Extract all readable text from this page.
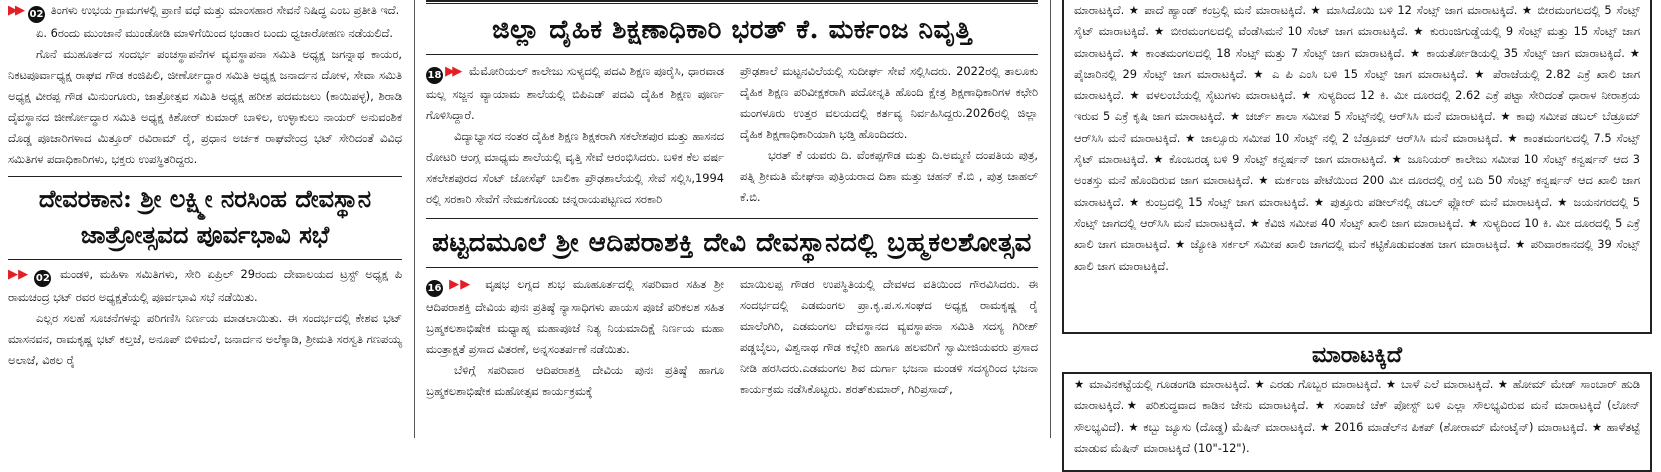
▶▶ 02 ತಿಂಗಳು ಉಭಯ ಗ್ರಾಮಗಳಲ್ಲಿ ಪ್ರಾಣಿ ವಧೆ ಮತ್ತು ಮಾಂಸಹಾರ ಸೇವನೆ ನಿಷಿದ್ಧ ಎಂಬ ಪ್ರತೀತಿ ಇದೆ.

ಏ. 6ರಂದು ಮುಂಜಾನೆ ಮುಂಡೋಡಿ ಮಾಳಿಗೆಯಿಂದ ಭಂಡಾರ ಬಂದು ಧ್ವಜಾರೋಹಣ ನಡೆಯಲಿದೆ.

ಗೊನೆ ಮುಹೂರ್ತದ ಸಂದರ್ಭ ಪಂಚಸ್ಥಾಪನೆಗಳ ವ್ಯವಸ್ಥಾಪನಾ ಸಮಿತಿ ಅಧ್ಯಕ್ಷ ಜಗನ್ನಾಥ ಕಾಯರ, ನಿಕಟಪೂರ್ವಾಧ್ಯಕ್ಷ ರಾಘವ ಗೌಡ ಕಂಜಿಪಿಲಿ, ಜೀರ್ಣೋದ್ಧಾರ ಸಮಿತಿ ಅಧ್ಯಕ್ಷ ಜನಾರ್ದನ ದೋಳ, ಸೇವಾ ಸಮಿತಿ ಅಧ್ಯಕ್ಷ ವೀರಪ್ಪ ಗೌಡ ಮಿನುಂಗೂರು, ಜಾತ್ರೋತ್ಸವ ಸಮಿತಿ ಅಧ್ಯಕ್ಷ ಹರೀಶ ಪದಮಜಲು (ಕಾಯಿಪಳ್ಳ), ಶಿರಾಡಿ ದೈವಸ್ಥಾನದ ಜೀರ್ಣೋದ್ಧಾರ ಸಮಿತಿ ಅಧ್ಯಕ್ಷ ಕಿಶೋರ್ ಕುಮಾರ್ ಬಾಳಿಲ, ಉಳ್ಳಾಕುಲು ನಾಯರ್ ಅನುವಂಶಿಕ ದೊಡ್ಡ ಪೂಜಾರಿಗಳಾದ ಮಿತ್ತೂರ್ ರವಿರಾಮ್ ರೈ, ಪ್ರಧಾನ ಅರ್ಚಕ ರಾಘವೇಂದ್ರ ಭಟ್ ಸೇರಿದಂತೆ ವಿವಿಧ ಸಮಿತಿಗಳ ಪದಾಧಿಕಾರಿಗಳು, ಭಕ್ತರು ಉಪಸ್ಥಿತರಿದ್ದರು.

ದೇವರಕಾನ: ಶ್ರೀ ಲಕ್ಷ್ಮೀ ನರಸಿಂಹ ದೇವಸ್ಥಾನ ಜಾತ್ರೋತ್ಸವದ ಪೂರ್ವಭಾವಿ ಸಭೆ

▶▶ 02 ಮಂಡಳಿ, ಮಹಿಳಾ ಸಮಿತಿಗಳು, ಸೇರಿ ಏಪ್ರಿಲ್ 29ರಂದು ದೇವಾಲಯದ ಟ್ರಸ್ಟ್ ಅಧ್ಯಕ್ಷ ಪಿ ರಾಮಚಂದ್ರ ಭಟ್ ರವರ ಅಧ್ಯಕ್ಷತೆಯಲ್ಲಿ ಪೂರ್ವಭಾವಿ ಸಭೆ ನಡೆಯಿತು.

ಎಲ್ಲರ ಸಲಹೆ ಸೂಚನೆಗಳನ್ನು ಪರಿಗಣಿಸಿ ನಿರ್ಣಯ ಮಾಡಲಾಯಿತು. ಈ ಸಂದರ್ಭದಲ್ಲಿ ಕೇಶವ ಭಟ್ ಮಾಸನವನ, ರಾಮಕೃಷ್ಣ ಭಟ್ ಕಲ್ತಜೆ, ಅನೂಪ್ ಬಿಳಿಮಲೆ, ಜನಾರ್ದನ ಅಲೆಕ್ಕಾಡಿ, ಶ್ರೀಮತಿ ಸರಸ್ವತಿ ಗಣಪಯ್ಯ ಅಲಾಜೆ, ವಿಠಲ ರೈ

ಜಿಲ್ಲಾ ದೈಹಿಕ ಶಿಕ್ಷಣಾಧಿಕಾರಿ ಭರತ್ ಕೆ. ಮರ್ಕಂಜ ನಿವೃತ್ತಿ

18 ▶▶ ಮೆಮೋರಿಯಲ್ ಕಾಲೇಜು ಸುಳ್ಯದಲ್ಲಿ ಪದವಿ ಶಿಕ್ಷಣ ಪೂರೈಸಿ, ಧಾರವಾಡ ಮಲ್ಲ ಸಜ್ಜನ ವ್ಯಾಯಾಮ ಶಾಲೆಯಲ್ಲಿ ಬಿಪಿಎಡ್ ಪದವಿ ದೈಹಿಕ ಶಿಕ್ಷಣ ಪೂರ್ಣ ಗೊಳಿಸಿದ್ದಾರೆ.

ವಿದ್ಯಾಭ್ಯಾಸದ ನಂತರ ದೈಹಿಕ ಶಿಕ್ಷಣ ಶಿಕ್ಷಕರಾಗಿ ಸಕಲೇಶಪುರ ಮತ್ತು ಹಾಸನದ ರೋಟರಿ ಆಂಗ್ಲ ಮಾಧ್ಯಮ ಶಾಲೆಯಲ್ಲಿ ವೃತ್ತಿ ಸೇವೆ ಆರಂಭಿಸಿದರು. ಬಳಿಕ ಕೆಲ ವರ್ಷ ಸಕಲೇಶಪುರದ ಸೆಂಟ್ ಜೋಸೆಫ್ ಬಾಲಿಕಾ ಪ್ರೌಢಶಾಲೆಯಲ್ಲಿ ಸೇವೆ ಸಲ್ಲಿಸಿ,1994 ರಲ್ಲಿ ಸರಕಾರಿ ಸೇವೆಗೆ ನೇಮಕಗೊಂಡು ಚನ್ನರಾಯಪಟ್ಟಣದ ಸರಕಾರಿ

ಪ್ರೌಢಶಾಲೆ ಮಟ್ಟನವಿಲೆಯಲ್ಲಿ ಸುದೀರ್ಘ ಸೇವೆ ಸಲ್ಲಿಸಿದರು. 2022ರಲ್ಲಿ ತಾಲೂಕು ದೈಹಿಕ ಶಿಕ್ಷಣ ಪರಿವೀಕ್ಷಕರಾಗಿ ಪದೋನ್ನತಿ ಹೊಂದಿ ಕ್ಷೇತ್ರ ಶಿಕ್ಷಣಾಧಿಕಾರಿಗಳ ಕಛೇರಿ ಮಂಗಳೂರು ಉತ್ತರ ವಲಯದಲ್ಲಿ ಕರ್ತವ್ಯ ನಿರ್ವಹಿಸಿದ್ದರು.2026ರಲ್ಲಿ ಜಿಲ್ಲಾ ದೈಹಿಕ ಶಿಕ್ಷಣಾಧಿಕಾರಿಯಾಗಿ ಭಡ್ತಿ ಹೊಂದಿದರು.

ಭರತ್ ಕೆ ಯವರು ದಿ. ವೆಂಕಪ್ಪಗೌಡ ಮತ್ತು ದಿ.ಅಮ್ಮಣಿ ದಂಪತಿಯ ಪುತ್ರ, ಪತ್ನಿ ಶ್ರೀಮತಿ ಮೇಘನಾ ಪುತ್ರಿಯರಾದ ದಿಶಾ ಮತ್ತು ಚಹನ್ ಕೆ.ಬಿ , ಪುತ್ರ ಚಾಹಲ್ ಕೆ.ಬಿ.

ಪಟ್ಟದಮೂಲೆ ಶ್ರೀ ಆದಿಪರಾಶಕ್ತಿ ದೇವಿ ದೇವಸ್ಥಾನದಲ್ಲಿ ಬ್ರಹ್ಮಕಲಶೋತ್ಸವ

16 ▶▶ ವೃಷಭ ಲಗ್ನದ ಶುಭ ಮೂಹೂರ್ತದಲ್ಲಿ ಸಪರಿವಾರ ಸಹಿತ ಶ್ರೀ ಆದಿಪರಾಶಕ್ತಿ ದೇವಿಯ ಪುನಃ ಪ್ರತಿಷ್ಠೆ ನ್ಯಾಸಾಧಿಗಳು ಪಾಯಸ ಪೂಜೆ ಪರಿಕಲಶ ಸಹಿತ ಬ್ರಹ್ಮಕಲಶಾಭಿಷೇಕ ಮಧ್ಯಾಹ್ನ ಮಹಾಪೂಜೆ ನಿತ್ಯ ನಿಯಮಾದಿಕ್ಷೆ ನಿರ್ಣಯ ಮಹಾ ಮಂತ್ರಾಕ್ಷತೆ ಪ್ರಸಾದ ವಿತರಣೆ, ಅನ್ನಸಂತರ್ಪಣೆ ನಡೆಯಿತು.

ಬೆಳಿಗ್ಗೆ ಸಪರಿವಾರ ಆದಿಪರಾಶಕ್ತಿ ದೇವಿಯ ಪುನಃ ಪ್ರತಿಷ್ಠೆ ಹಾಗೂ ಬ್ರಹ್ಮಕಲಶಾಭಿಷೇಕ ಮಹೋತ್ಸವ ಕಾರ್ಯಕ್ರಮಕ್ಕೆ

ಮಾಯಿಲಪ್ಪ ಗೌಡರ ಉಪಸ್ಥಿತಿಯಲ್ಲಿ ದೇವಳದ ವತಿಯಿಂದ ಗೌರವಿಸಿದರು. ಈ ಸಂದರ್ಭದಲ್ಲಿ ಎಡಮಂಗಲ ಪ್ರಾ.ಕೃ.ಪ.ಸ.ಸಂಘದ ಅಧ್ಯಕ್ಷ ರಾಮಕೃಷ್ಣ ರೈ ಮಾಲೆಂಗಿರಿ, ಎಡಮಂಗಲ ದೇವಸ್ಥಾನದ ವ್ಯವಸ್ಥಾಪನಾ ಸಮಿತಿ ಸದಸ್ಯ ಗಿರೀಶ್ ಪಡ್ಡಬೈಲು, ವಿಶ್ವನಾಥ ಗೌಡ ಕಲ್ಲೇರಿ ಹಾಗೂ ಹಲವರಿಗೆ ಸ್ವಾಮೀಜಿಯವರು ಪ್ರಸಾದ ನೀಡಿ ಹರಸಿದರು.ಎಡಮಂಗಲ ಶಿವ ದುರ್ಗಾ ಭಜನಾ ಮಂಡಳಿ ಸದಸ್ಯರಿಂದ ಭಜನಾ ಕಾರ್ಯಕ್ರಮ ನಡೆಸಿಕೊಟ್ಟರು. ಶರತ್‌ಕುಮಾರ್, ಗಿರಿಪ್ರಸಾದ್,

ಮಾರಾಟಕ್ಕಿದೆ. ★ ಪಾದೆ ಹ್ಯಾಂಡ್ ಕಂಬ್ರಲ್ಲಿ ಮನೆ ಮಾರಾಟಕ್ಕಿದೆ. ★ ಮಾಸಿದೊಯಿ ಬಳಿ 12 ಸೆಂಟ್ಸ್ ಜಾಗ ಮಾರಾಟಕ್ಕಿದೆ. ★ ಬೀರಮಂಗಲದಲ್ಲಿ 5 ಸೆಂಟ್ಸ್ ಸೈಟ್ ಮಾರಾಟಕ್ಕಿದೆ. ★ ಬೀರಮಂಗಲದಲ್ಲಿ ವೆಂಡೆಸಿಮನೆ 10 ಸೆಂಟ್ ಜಾಗ ಮಾರಾಟಕ್ಕಿದೆ. ★ ಕುರುಂಜಿಗುಡ್ಡೆಯಲ್ಲಿ 9 ಸೆಂಟ್ಸ್ ಮತ್ತು 15 ಸೆಂಟ್ಸ್ ಜಾಗ ಮಾರಾಟಕ್ಕಿದೆ. ★ ಕಾಂತಮಂಗಲದಲ್ಲಿ 18 ಸೆಂಟ್ಸ್ ಮತ್ತು 7 ಸೆಂಟ್ಸ್ ಜಾಗ ಮಾರಾಟಕ್ಕಿದೆ. ★ ಕಾಯರ್ತೋಡಿಯಲ್ಲಿ 35 ಸೆಂಟ್ಸ್ ಜಾಗ ಮಾರಾಟಕ್ಕಿದೆ. ★ ಪೈಚಾರಿನಲ್ಲಿ 29 ಸೆಂಟ್ಸ್ ಜಾಗ ಮಾರಾಟಕ್ಕಿದೆ. ★ ಎ ಪಿ ಎಂಸಿ ಬಳಿ 15 ಸೆಂಟ್ಸ್ ಜಾಗ ಮಾರಾಟಕ್ಕಿದೆ. ★ ಪೆರಾಜೆಯಲ್ಲಿ 2.82 ಎಕ್ರೆ ಖಾಲಿ ಜಾಗ ಮಾರಾಟಕ್ಕಿದೆ. ★ ವಳಲಂಬೆಯಲ್ಲಿ ಸೈಟುಗಳು ಮಾರಾಟಕ್ಕಿದೆ. ★ ಸುಳ್ಯದಿಂದ 12 ಕಿ. ಮೀ ದೂರದಲ್ಲಿ 2.62 ಎಕ್ರೆ ಪಟ್ಟಾ ಸೇರಿದಂತೆ ಧಾರಾಳ ನೀರಾಶ್ರಯ ಇರುವ 5 ಎಕ್ರೆ ಕೃಷಿ ಜಾಗ ಮಾರಾಟಕ್ಕಿದೆ. ★ ಚರ್ಚ್ ಶಾಲಾ ಸಮೀಪ 5 ಸೆಂಟ್ಸ್‌ನಲ್ಲಿ ಆರ್‌ಸಿಸಿ ಮನೆ ಮಾರಾಟಕ್ಕಿದೆ. ★ ಕಾವು ಸಮೀಪ ಡಬಲ್ ಬೆಡ್ರೂಮ್ ಆರ್‌ಸಿಸಿ ಮನೆ ಮಾರಾಟಕ್ಕಿದೆ. ★ ಜಾಲ್ಸೂರು ಸಮೀಪ 10 ಸೆಂಟ್ಸ್ ನಲ್ಲಿ 2 ಬೆಡ್ರೂಮ್ ಆರ್‌ಸಿಸಿ ಮನೆ ಮಾರಾಟಕ್ಕಿದೆ. ★ ಕಾಂತಮಂಗಲದಲ್ಲಿ 7.5 ಸೆಂಟ್ಸ್ ಸೈಟ್ ಮಾರಾಟಕ್ಕಿದೆ. ★ ಕೊಂಬರಡ್ಕ ಬಳಿ 9 ಸೆಂಟ್ಸ್ ಕನ್ವರ್ಷನ್ ಜಾಗ ಮಾರಾಟಕ್ಕಿದೆ. ★ ಜೂನಿಯರ್ ಕಾಲೇಜು ಸಮೀಪ 10 ಸೆಂಟ್ಸ್ ಕನ್ವರ್ಷನ್ ಆದ 3 ಅಂತಸ್ತು ಮನೆ ಹೊಂದಿರುವ ಜಾಗ ಮಾರಾಟಕ್ಕಿದೆ. ★ ಮರ್ಕಂಜ ಪೇಟೆಯಿಂದ 200 ಮೀ ದೂರದಲ್ಲಿ ರಸ್ತೆ ಬದಿ 50 ಸೆಂಟ್ಸ್ ಕನ್ವರ್ಷನ್ ಆದ ಖಾಲಿ ಜಾಗ ಮಾರಾಟಕ್ಕಿದೆ. ★ ಕುಂಬ್ರದಲ್ಲಿ 15 ಸೆಂಟ್ಸ್ ಜಾಗ ಮಾರಾಟಕ್ಕಿದೆ. ★ ಪುತ್ತೂರು ಪಡೀಲ್‌ನಲ್ಲಿ ಡಬಲ್ ಫ್ಲೋರ್ ಮನೆ ಮಾರಾಟಕ್ಕಿದೆ. ★ ಜಯನಗರದಲ್ಲಿ 5 ಸೆಂಟ್ಸ್ ಜಾಗದಲ್ಲಿ ಆರ್‌ಸಿಸಿ ಮನೆ ಮಾರಾಟಕ್ಕಿದೆ. ★ ಕೆವಿಜಿ ಸಮೀಪ 40 ಸೆಂಟ್ಸ್ ಖಾಲಿ ಜಾಗ ಮಾರಾಟಕ್ಕಿದೆ. ★ ಸುಳ್ಯದಿಂದ 10 ಕಿ. ಮೀ ದೂರದಲ್ಲಿ 5 ಎಕ್ರೆ ಖಾಲಿ ಜಾಗ ಮಾರಾಟಕ್ಕಿದೆ. ★ ಜ್ಯೋತಿ ಸರ್ಕಲ್ ಸಮೀಪ ಖಾಲಿ ಜಾಗದಲ್ಲಿ ಮನೆ ಕಟ್ಟಿಕೊಡುವಂತಹ ಜಾಗ ಮಾರಾಟಕ್ಕಿದೆ. ★ ಪರಿವಾರಕಾನದಲ್ಲಿ 39 ಸೆಂಟ್ಸ್ ಖಾಲಿ ಜಾಗ ಮಾರಾಟಕ್ಕಿದೆ.

ಮಾರಾಟಕ್ಕಿದೆ

★ ಮಾವಿನಕಟ್ಟೆಯಲ್ಲಿ ಗೂಡಂಗಡಿ ಮಾರಾಟಕ್ಕಿದೆ. ★ ಎರಡು ಗೊಬ್ಬರ ಮಾರಾಟಕ್ಕಿದೆ. ★ ಬಾಳೆ ಎಲೆ ಮಾರಾಟಕ್ಕಿದೆ. ★ ಹೋಮ್ ಮೇಡ್ ಸಾಂಬಾರ್ ಹುಡಿ ಮಾರಾಟಕ್ಕಿದೆ.★ ಪರಿಶುದ್ಧವಾದ ಕಾಡಿನ ಜೇನು ಮಾರಾಟಕ್ಕಿದೆ. ★ ಸಂಪಾಜೆ ಚೆಕ್ ಪೋಸ್ಟ್ ಬಳಿ ಎಲ್ಲಾ ಸೌಲಭ್ಯವಿರುವ ಮನೆ ಮಾರಾಟಕ್ಕಿದೆ (ಲೋನ್ ಸೌಲಭ್ಯವಿದೆ). ★ ಕಬ್ಬು ಜ್ಯೂಸು (ದೊಡ್ಡ) ಮೆಷಿನ್ ಮಾರಾಟಕ್ಕಿದೆ. ★ 2016 ಮಾಡೆಲ್‌ನ ಪಿಕಪ್ (ಶೋರಾಮ್ ಮೇಂಟೈನ್) ಮಾರಾಟಕ್ಕಿದೆ. ★ ಹಾಳೆತಟ್ಟೆ ಮಾಡುವ ಮೆಷಿನ್ ಮಾರಾಟಕ್ಕಿದೆ (10"-12").
